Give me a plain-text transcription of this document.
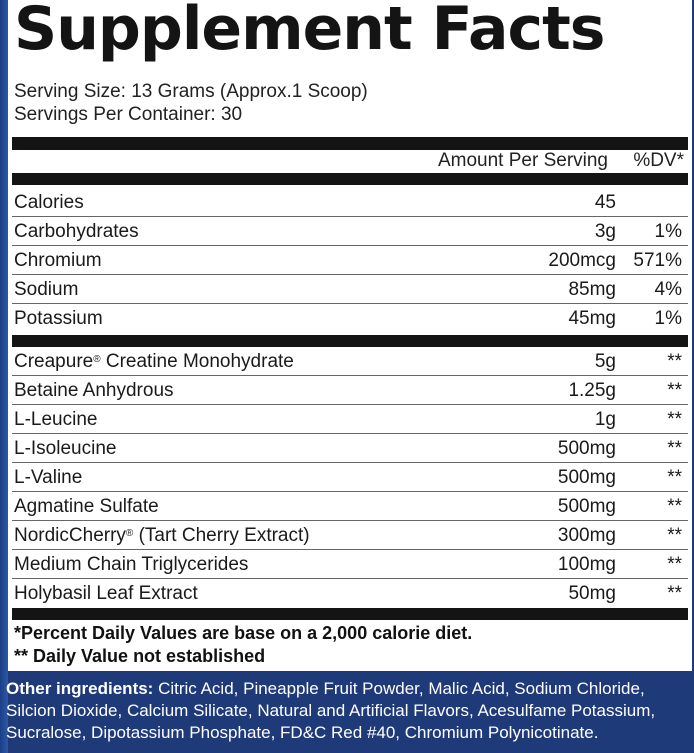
Supplement Facts
Serving Size: 13 Grams (Approx.1 Scoop)
Servings Per Container: 30
Amount Per Serving %DV*
Calories	45
Carbohydrates	3g 1%
Chromium	200mcg 571%
Sodium	85mg 4%
Potassium	45mg 1%
Creapure® Creatine Monohydrate	5g	**
Betaine Anhydrous	1.25g	**
L-Leucine	1g	**
L-Isoleucine	500mg	**
L-Valine	500mg	**
Agmatine Sulfate	500mg	**
NordicCherry® (Tart Cherry Extract)	300mg	**
Medium Chain Triglycerides	100mg	**
Holybasil Leaf Extract	50mg	**
*Percent Daily Values are base on a 2,000 calorie diet.
** Daily Value not established
Other ingredients: Citric Acid, Pineapple Fruit Powder, Malic Acid, Sodium Chloride, Silcion Dioxide, Calcium Silicate, Natural and Artificial Flavors, Acesulfame Potassium, Sucralose, Dipotassium Phosphate, FD&C Red #40, Chromium Polynicotinate.
